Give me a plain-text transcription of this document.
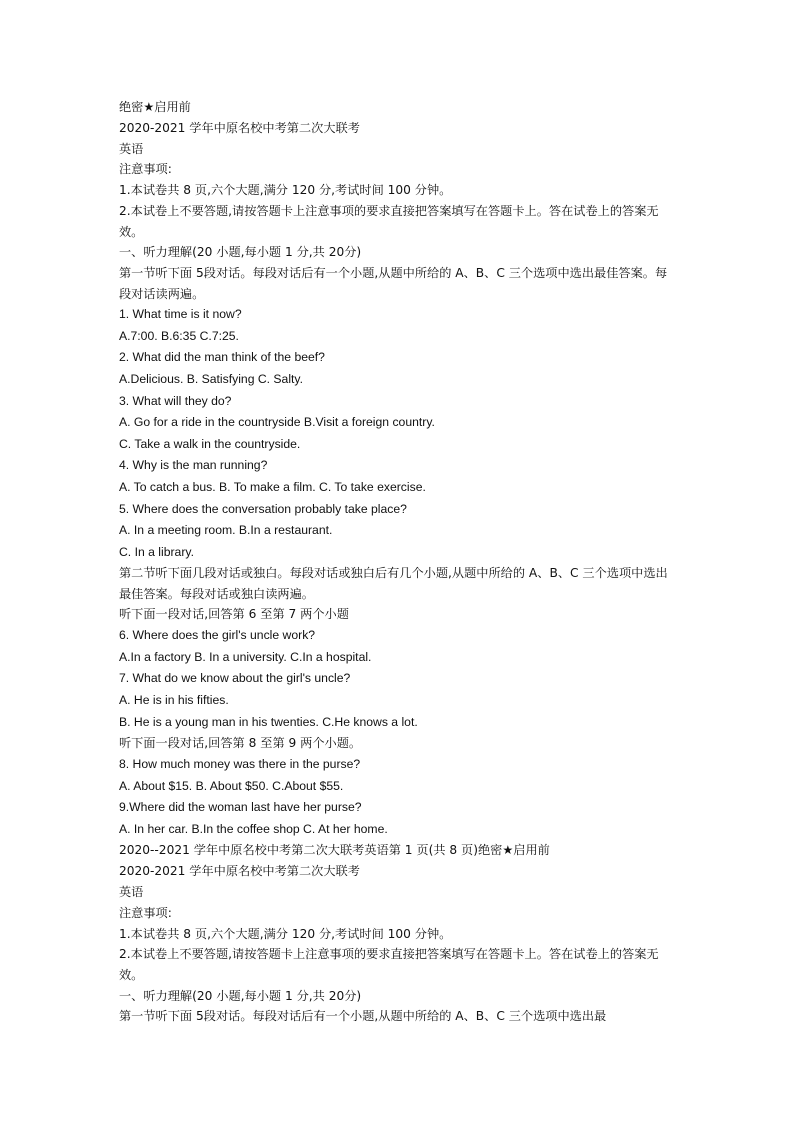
绝密★启用前
2020-2021 学年中原名校中考第二次大联考
英语
注意事项:
1.本试卷共 8 页,六个大题,满分 120 分,考试时间 100 分钟。
2.本试卷上不要答题,请按答题卡上注意事项的要求直接把答案填写在答题卡上。答在试卷上的答案无效。
一、听力理解(20 小题,每小题 1 分,共 20分)
第一节听下面 5段对话。每段对话后有一个小题,从题中所给的 A、B、C 三个选项中选出最佳答案。每段对话读两遍。
1. What time is it now?
A.7:00. B.6:35 C.7:25.
2. What did the man think of the beef?
A.Delicious. B. Satisfying C. Salty.
3. What will they do?
A. Go for a ride in the countryside B.Visit a foreign country.
C. Take a walk in the countryside.
4. Why is the man running?
A. To catch a bus. B. To make a film. C. To take exercise.
5. Where does the conversation probably take place?
A. In a meeting room. B.In a restaurant.
C. In a library.
第二节听下面几段对话或独白。每段对话或独白后有几个小题,从题中所给的 A、B、C 三个选项中选出最佳答案。每段对话或独白读两遍。
听下面一段对话,回答第 6 至第 7 两个小题
6. Where does the girl's uncle work?
A.In a factory B. In a university. C.In a hospital.
7. What do we know about the girl's uncle?
A. He is in his fifties.
B. He is a young man in his twenties. C.He knows a lot.
听下面一段对话,回答第 8 至第 9 两个小题。
8. How much money was there in the purse?
A. About $15. B. About $50. C.About $55.
9.Where did the woman last have her purse?
A. In her car. B.In the coffee shop C. At her home.
2020--2021 学年中原名校中考第二次大联考英语第 1 页(共 8 页)绝密★启用前
2020-2021 学年中原名校中考第二次大联考
英语
注意事项:
1.本试卷共 8 页,六个大题,满分 120 分,考试时间 100 分钟。
2.本试卷上不要答题,请按答题卡上注意事项的要求直接把答案填写在答题卡上。答在试卷上的答案无效。
一、听力理解(20 小题,每小题 1 分,共 20分)
第一节听下面 5段对话。每段对话后有一个小题,从题中所给的 A、B、C 三个选项中选出最
